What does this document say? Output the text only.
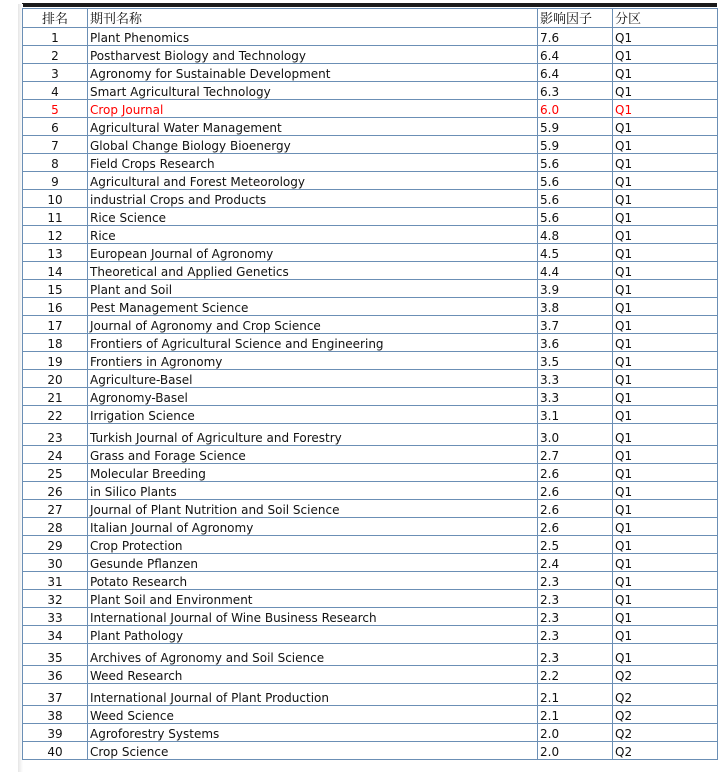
排名	期刊名称	影响因子	分区
1	Plant Phenomics	7.6	Q1
2	Postharvest Biology and Technology	6.4	Q1
3	Agronomy for Sustainable Development	6.4	Q1
4	Smart Agricultural Technology	6.3	Q1
5	Crop Journal	6.0	Q1
6	Agricultural Water Management	5.9	Q1
7	Global Change Biology Bioenergy	5.9	Q1
8	Field Crops Research	5.6	Q1
9	Agricultural and Forest Meteorology	5.6	Q1
10	industrial Crops and Products	5.6	Q1
11	Rice Science	5.6	Q1
12	Rice	4.8	Q1
13	European Journal of Agronomy	4.5	Q1
14	Theoretical and Applied Genetics	4.4	Q1
15	Plant and Soil	3.9	Q1
16	Pest Management Science	3.8	Q1
17	Journal of Agronomy and Crop Science	3.7	Q1
18	Frontiers of Agricultural Science and Engineering	3.6	Q1
19	Frontiers in Agronomy	3.5	Q1
20	Agriculture-Basel	3.3	Q1
21	Agronomy-Basel	3.3	Q1
22	Irrigation Science	3.1	Q1
23	Turkish Journal of Agriculture and Forestry	3.0	Q1
24	Grass and Forage Science	2.7	Q1
25	Molecular Breeding	2.6	Q1
26	in Silico Plants	2.6	Q1
27	Journal of Plant Nutrition and Soil Science	2.6	Q1
28	Italian Journal of Agronomy	2.6	Q1
29	Crop Protection	2.5	Q1
30	Gesunde Pflanzen	2.4	Q1
31	Potato Research	2.3	Q1
32	Plant Soil and Environment	2.3	Q1
33	International Journal of Wine Business Research	2.3	Q1
34	Plant Pathology	2.3	Q1
35	Archives of Agronomy and Soil Science	2.3	Q1
36	Weed Research	2.2	Q2
37	International Journal of Plant Production	2.1	Q2
38	Weed Science	2.1	Q2
39	Agroforestry Systems	2.0	Q2
40	Crop Science	2.0	Q2
